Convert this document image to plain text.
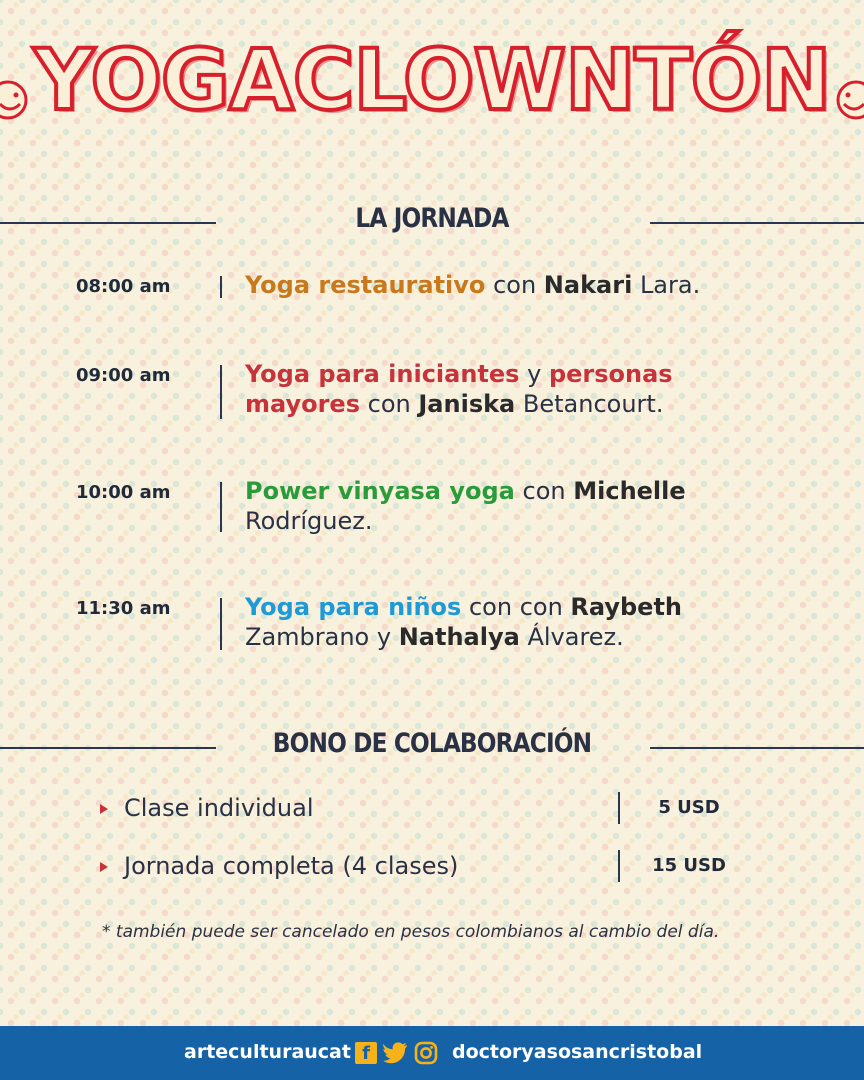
YOGACLOWNTÓN
LA JORNADA
08:00 am	Yoga restaurativo con Nakari Lara.
09:00 am	Yoga para iniciantes y personas mayores con Janiska Betancourt.
10:00 am	Power vinyasa yoga con Michelle Rodríguez.
11:30 am	Yoga para niños con con Raybeth Zambrano y Nathalya Álvarez.
BONO DE COLABORACIÓN
Clase individual	5 USD
Jornada completa (4 clases)	15 USD
* también puede ser cancelado en pesos colombianos al cambio del día.
arteculturaucat f	doctoryasosancristobal
